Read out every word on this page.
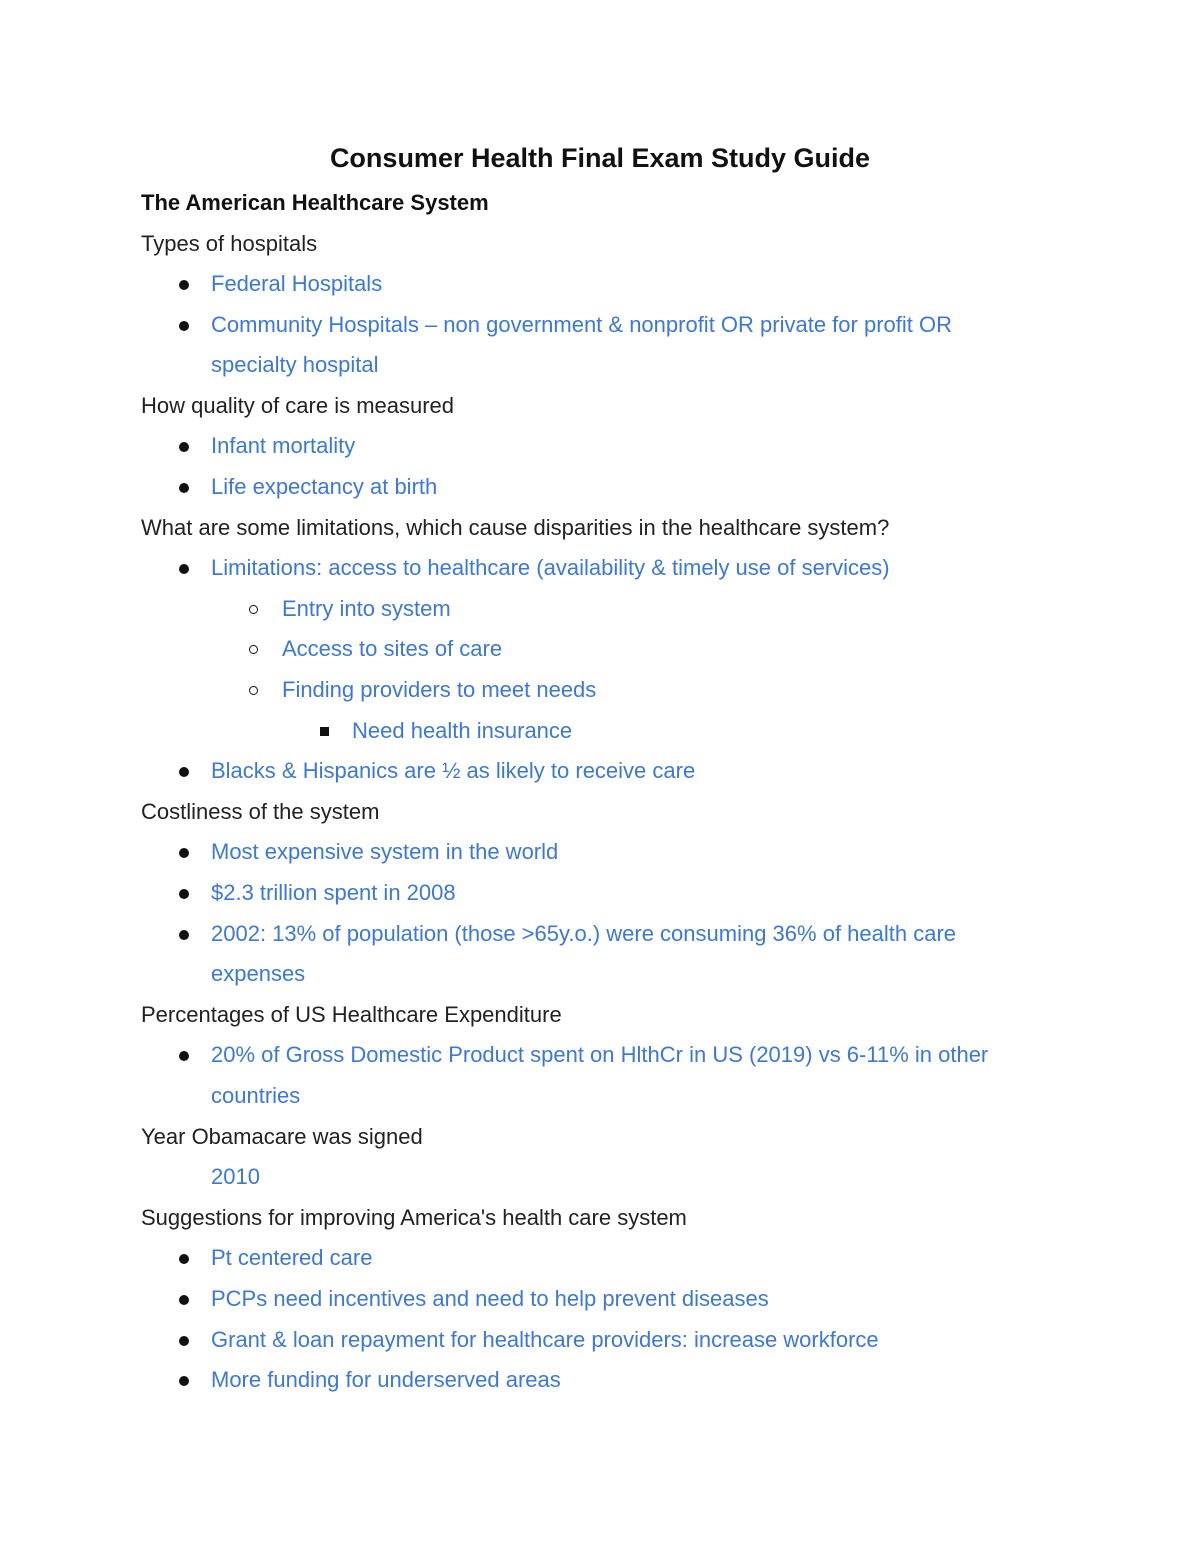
Consumer Health Final Exam Study Guide
The American Healthcare System
Types of hospitals
Federal Hospitals
Community Hospitals – non government & nonprofit OR private for profit OR
specialty hospital
How quality of care is measured
Infant mortality
Life expectancy at birth
What are some limitations, which cause disparities in the healthcare system?
Limitations: access to healthcare (availability & timely use of services)
Entry into system
Access to sites of care
Finding providers to meet needs
Need health insurance
Blacks & Hispanics are ½ as likely to receive care
Costliness of the system
Most expensive system in the world
$2.3 trillion spent in 2008
2002: 13% of population (those >65y.o.) were consuming 36% of health care
expenses
Percentages of US Healthcare Expenditure
20% of Gross Domestic Product spent on HlthCr in US (2019) vs 6-11% in other
countries
Year Obamacare was signed
2010
Suggestions for improving America's health care system
Pt centered care
PCPs need incentives and need to help prevent diseases
Grant & loan repayment for healthcare providers: increase workforce
More funding for underserved areas
